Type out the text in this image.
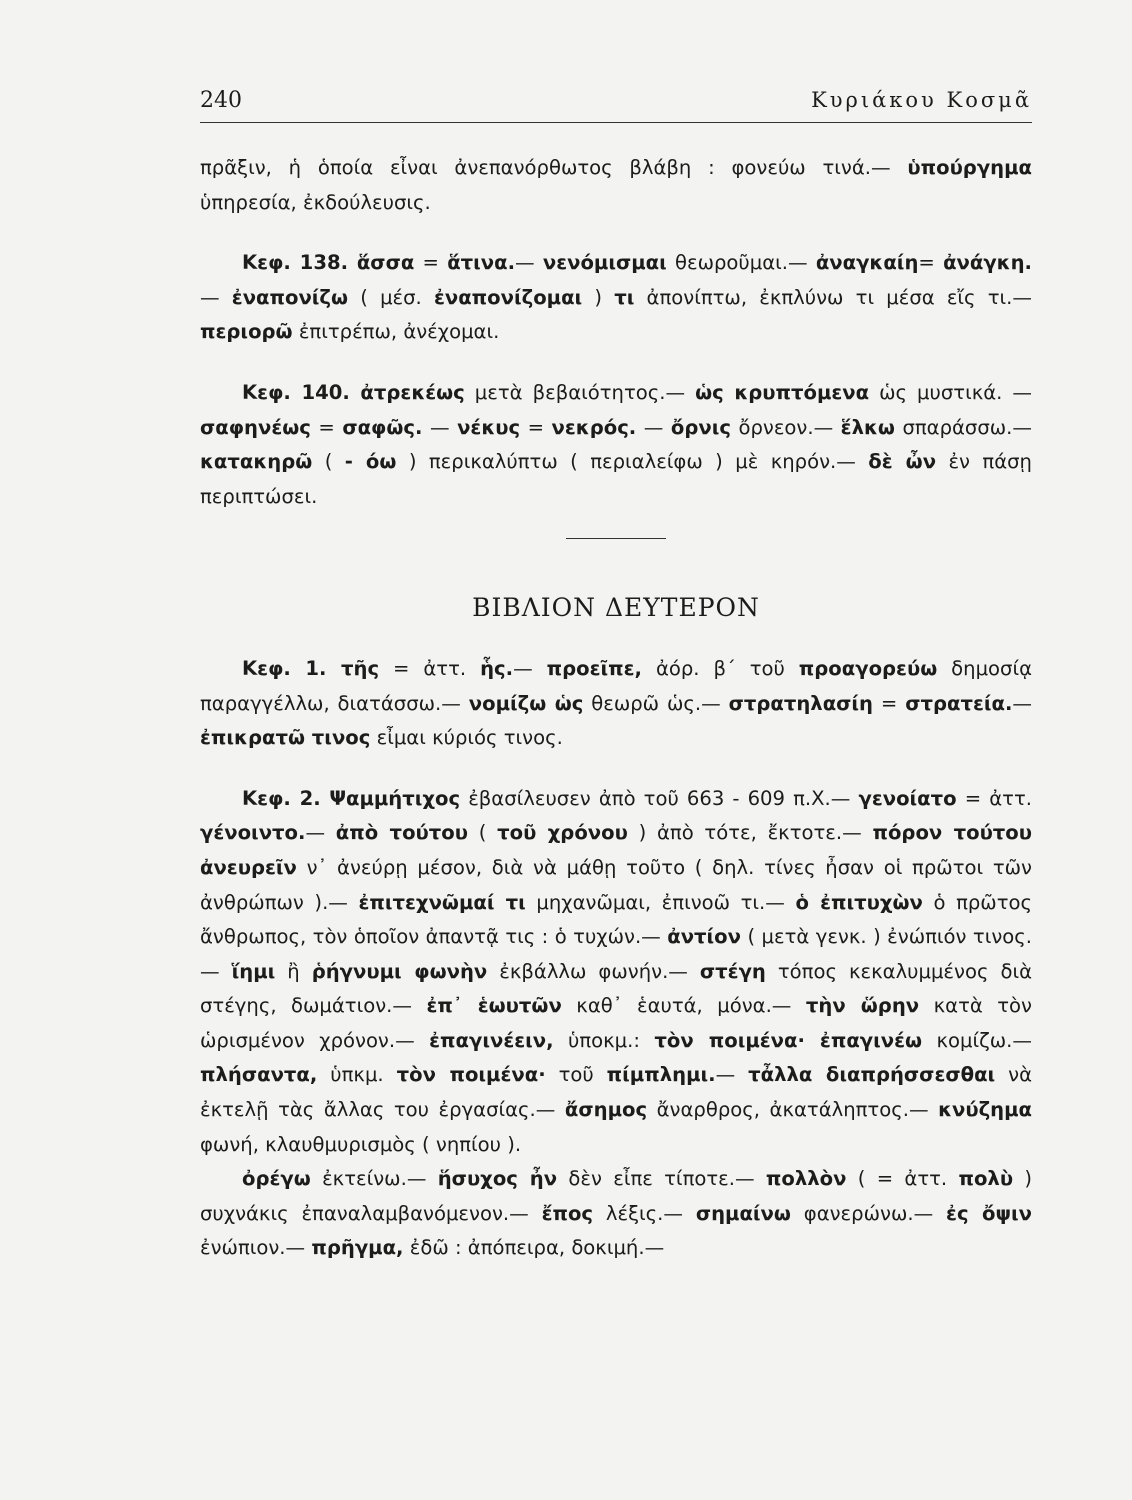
240	Κυριάκου Κοσμᾶ

πρᾶξιν, ἡ ὁποία εἶναι ἀνεπανόρθωτος βλάβη : φονεύω τινά.— ὑπούργημα ὑπηρεσία, ἐκδούλευσις.

Κεφ. 138. ἅσσα = ἅτινα.— νενόμισμαι θεωροῦμαι.— ἀναγκαίη= ἀνάγκη.— ἐναπονίζω ( μέσ. ἐναπονίζομαι ) τι ἀπονίπτω, ἐκπλύνω τι μέσα εἴς τι.— περιορῶ ἐπιτρέπω, ἀνέχομαι.

Κεφ. 140. ἀτρεκέως μετὰ βεβαιότητος.— ὡς κρυπτόμενα ὡς μυστικά. — σαφηνέως = σαφῶς. — νέκυς = νεκρός. — ὄρνις ὄρνεον.— ἕλκω σπαράσσω.— κατακηρῶ ( - όω ) περικαλύπτω ( περιαλείφω ) μὲ κηρόν.— δὲ ὦν ἐν πάσῃ περιπτώσει.

ΒΙΒΛΙΟΝ ΔΕΥΤΕΡΟΝ

Κεφ. 1. τῆς = ἀττ. ἧς.— προεῖπε, ἀόρ. β΄ τοῦ προαγορεύω δημοσίᾳ παραγγέλλω, διατάσσω.— νομίζω ὡς θεωρῶ ὡς.— στρατηλασίη = στρατεία.— ἐπικρατῶ τινος εἶμαι κύριός τινος.

Κεφ. 2. Ψαμμήτιχος ἐβασίλευσεν ἀπὸ τοῦ 663 - 609 π.Χ.— γενοίατο = ἀττ. γένοιντο.— ἀπὸ τούτου ( τοῦ χρόνου ) ἀπὸ τότε, ἔκτοτε.— πόρον τούτου ἀνευρεῖν ν᾽ ἀνεύρῃ μέσον, διὰ νὰ μάθῃ τοῦτο ( δηλ. τίνες ἦσαν οἱ πρῶτοι τῶν ἀνθρώπων ).— ἐπιτεχνῶμαί τι μηχανῶμαι, ἐπινοῶ τι.— ὁ ἐπιτυχὼν ὁ πρῶτος ἄνθρωπος, τὸν ὁποῖον ἀπαντᾷ τις : ὁ τυχών.— ἀντίον ( μετὰ γενκ. ) ἐνώπιόν τινος.— ἵημι ἢ ῥήγνυμι φωνὴν ἐκβάλλω φωνήν.— στέγη τόπος κεκαλυμμένος διὰ στέγης, δωμάτιον.— ἐπ᾽ ἑωυτῶν καθ᾽ ἑαυτά, μόνα.— τὴν ὥρην κατὰ τὸν ὡρισμένον χρόνον.— ἐπαγινέειν, ὑποκμ.: τὸν ποιμένα· ἐπαγινέω κομίζω.— πλήσαντα, ὑπκμ. τὸν ποιμένα· τοῦ πίμπλημι.— τἆλλα διαπρήσσεσθαι νὰ ἐκτελῇ τὰς ἄλλας του ἐργασίας.— ἄσημος ἄναρθρος, ἀκατάληπτος.— κνύζημα φωνή, κλαυθμυρισμὸς ( νηπίου ).

ὀρέγω ἐκτείνω.— ἥσυχος ἦν δὲν εἶπε τίποτε.— πολλὸν ( = ἀττ. πολὺ ) συχνάκις ἐπαναλαμβανόμενον.— ἔπος λέξις.— σημαίνω φανερώνω.— ἐς ὄψιν ἐνώπιον.— πρῆγμα, ἐδῶ : ἀπόπειρα, δοκιμή.—
